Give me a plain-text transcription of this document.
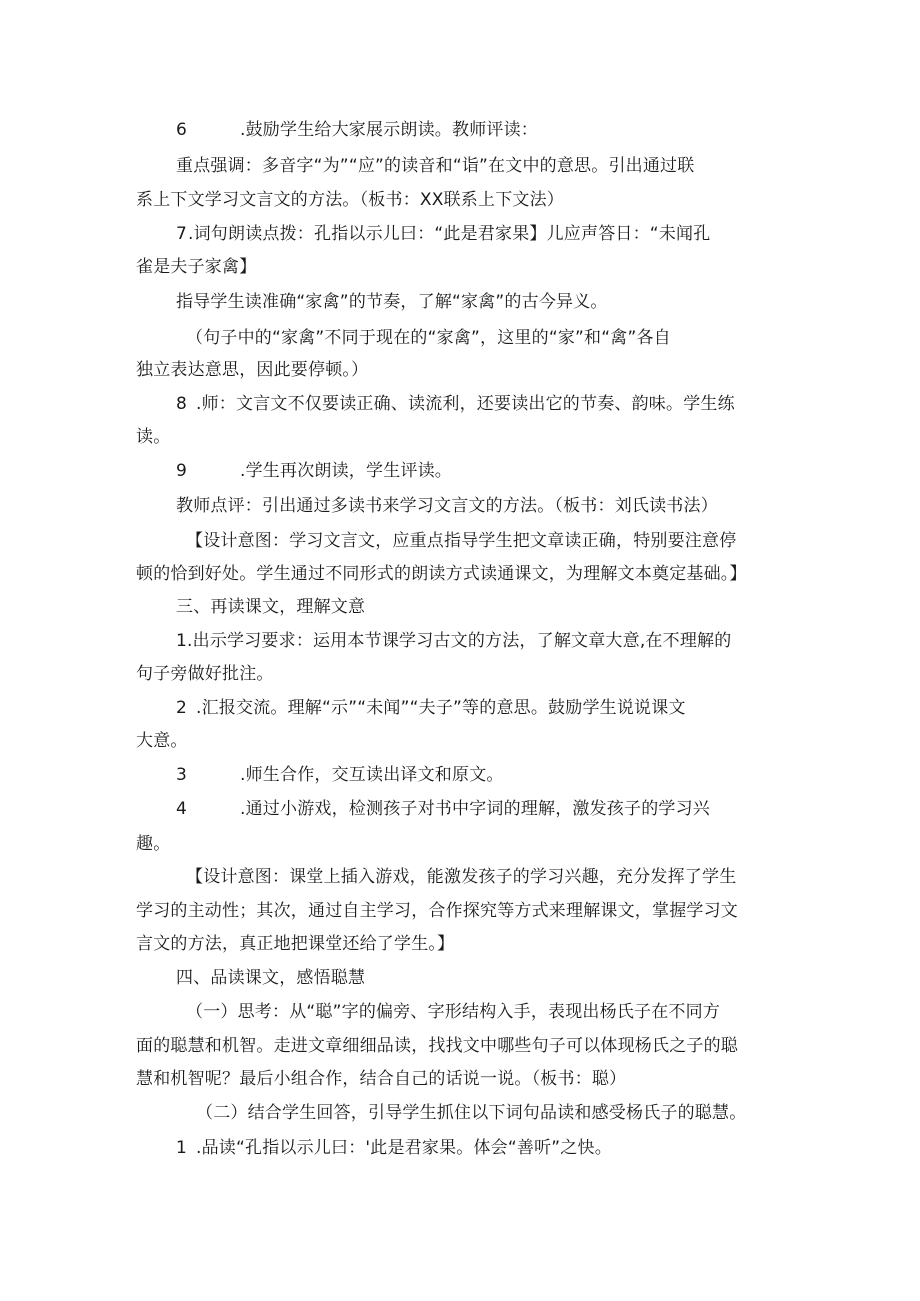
6	.鼓励学生给大家展示朗读。教师评读：
重点强调：多音字“为”“应”的读音和“诣”在文中的意思。引出通过联
系上下文学习文言文的方法。（板书：XX联系上下文法）
7.词句朗读点拨：孔指以示儿曰：“此是君家果】儿应声答日：“未闻孔
雀是夫子家禽】
指导学生读准确“家禽”的节奏，了解“家禽”的古今异义。
（句子中的“家禽”不同于现在的“家禽”，这里的“家”和“禽”各自
独立表达意思，因此要停顿。）
8 .师：文言文不仅要读正确、读流利，还要读出它的节奏、韵味。学生练
读。
9	.学生再次朗读，学生评读。
教师点评：引出通过多读书来学习文言文的方法。（板书：刘氏读书法）
【设计意图：学习文言文，应重点指导学生把文章读正确，特别要注意停
顿的恰到好处。学生通过不同形式的朗读方式读通课文，为理解文本奠定基础。】
三、再读课文，理解文意
1.出示学习要求：运用本节课学习古文的方法，了解文章大意,在不理解的
句子旁做好批注。
2 .汇报交流。理解“示”“未闻”“夫子”等的意思。鼓励学生说说课文
大意。
3	.师生合作，交互读出译文和原文。
4	.通过小游戏，检测孩子对书中字词的理解，激发孩子的学习兴
趣。
【设计意图：课堂上插入游戏，能激发孩子的学习兴趣，充分发挥了学生
学习的主动性；其次，通过自主学习，合作探究等方式来理解课文，掌握学习文
言文的方法，真正地把课堂还给了学生。】
四、品读课文，感悟聪慧
（一）思考：从“聪”字的偏旁、字形结构入手，表现出杨氏子在不同方
面的聪慧和机智。走进文章细细品读，找找文中哪些句子可以体现杨氏之子的聪
慧和机智呢？最后小组合作，结合自己的话说一说。（板书：聪）
（二）结合学生回答，引导学生抓住以下词句品读和感受杨氏子的聪慧。
1 .品读“孔指以示儿曰：'此是君家果。体会“善听”之快。
